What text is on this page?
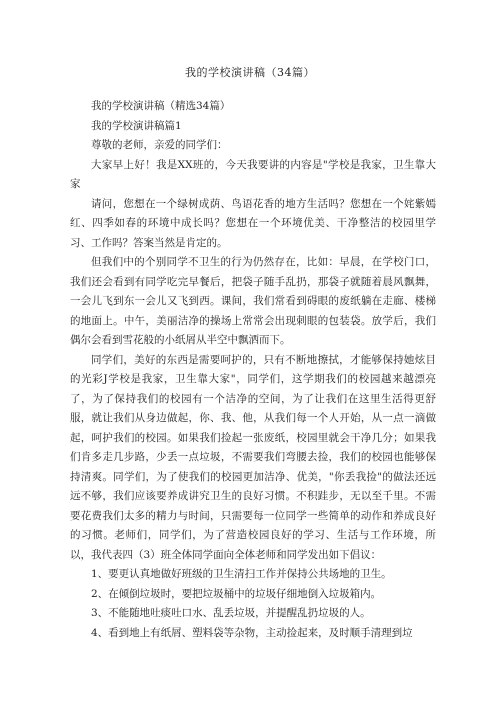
我的学校演讲稿（34篇）

我的学校演讲稿（精选34篇）

我的学校演讲稿篇1

尊敬的老师，亲爱的同学们：

大家早上好！我是XX班的，今天我要讲的内容是"学校是我家，卫生靠大家

请问，您想在一个绿树成荫、鸟语花香的地方生活吗？您想在一个姹紫嫣红、四季如春的环境中成长吗？您想在一个环境优美、干净整洁的校园里学习、工作吗？答案当然是肯定的。

但我们中的个别同学不卫生的行为仍然存在，比如：早晨，在学校门口，我们还会看到有同学吃完早餐后，把袋子随手乱扔，那袋子就随着晨风飘舞，一会儿飞到东一会儿又飞到西。课间，我们常看到碍眼的废纸躺在走廊、楼梯的地面上。中午，美丽洁净的操场上常常会出现刺眼的包装袋。放学后，我们偶尔会看到雪花般的小纸屑从半空中飘洒而下。

同学们，美好的东西是需要呵护的，只有不断地擦拭，才能够保持她炫目的光彩J学校是我家，卫生靠大家"，同学们，这学期我们的校园越来越漂亮了，为了保持我们的校园有一个洁净的空间，为了让我们在这里生活得更舒服，就让我们从身边做起，你、我、他，从我们每一个人开始，从一点一滴做起，呵护我们的校园。如果我们捡起一张废纸，校园里就会干净几分；如果我们肯多走几步路，少丢一点垃圾，不需要我们弯腰去捡，我们的校园也能够保持清爽。同学们，为了使我们的校园更加洁净、优美，"你丢我捡"的做法还远远不够，我们应该要养成讲究卫生的良好习惯。不积跬步，无以至千里。不需要花费我们太多的精力与时间，只需要每一位同学一些简单的动作和养成良好的习惯。老师们，同学们，为了营造校园良好的学习、生活与工作环境，所以，我代表四（3）班全体同学面向全体老师和同学发出如下倡议：

1、要更认真地做好班级的卫生清扫工作并保持公共场地的卫生。
2、在倾倒垃圾时，要把垃圾桶中的垃圾仔细地倒入垃圾箱内。
3、不能随地吐痰吐口水、乱丢垃圾，并提醒乱扔垃圾的人。
4、看到地上有纸屑、塑料袋等杂物，主动捡起来，及时顺手清理到垃
